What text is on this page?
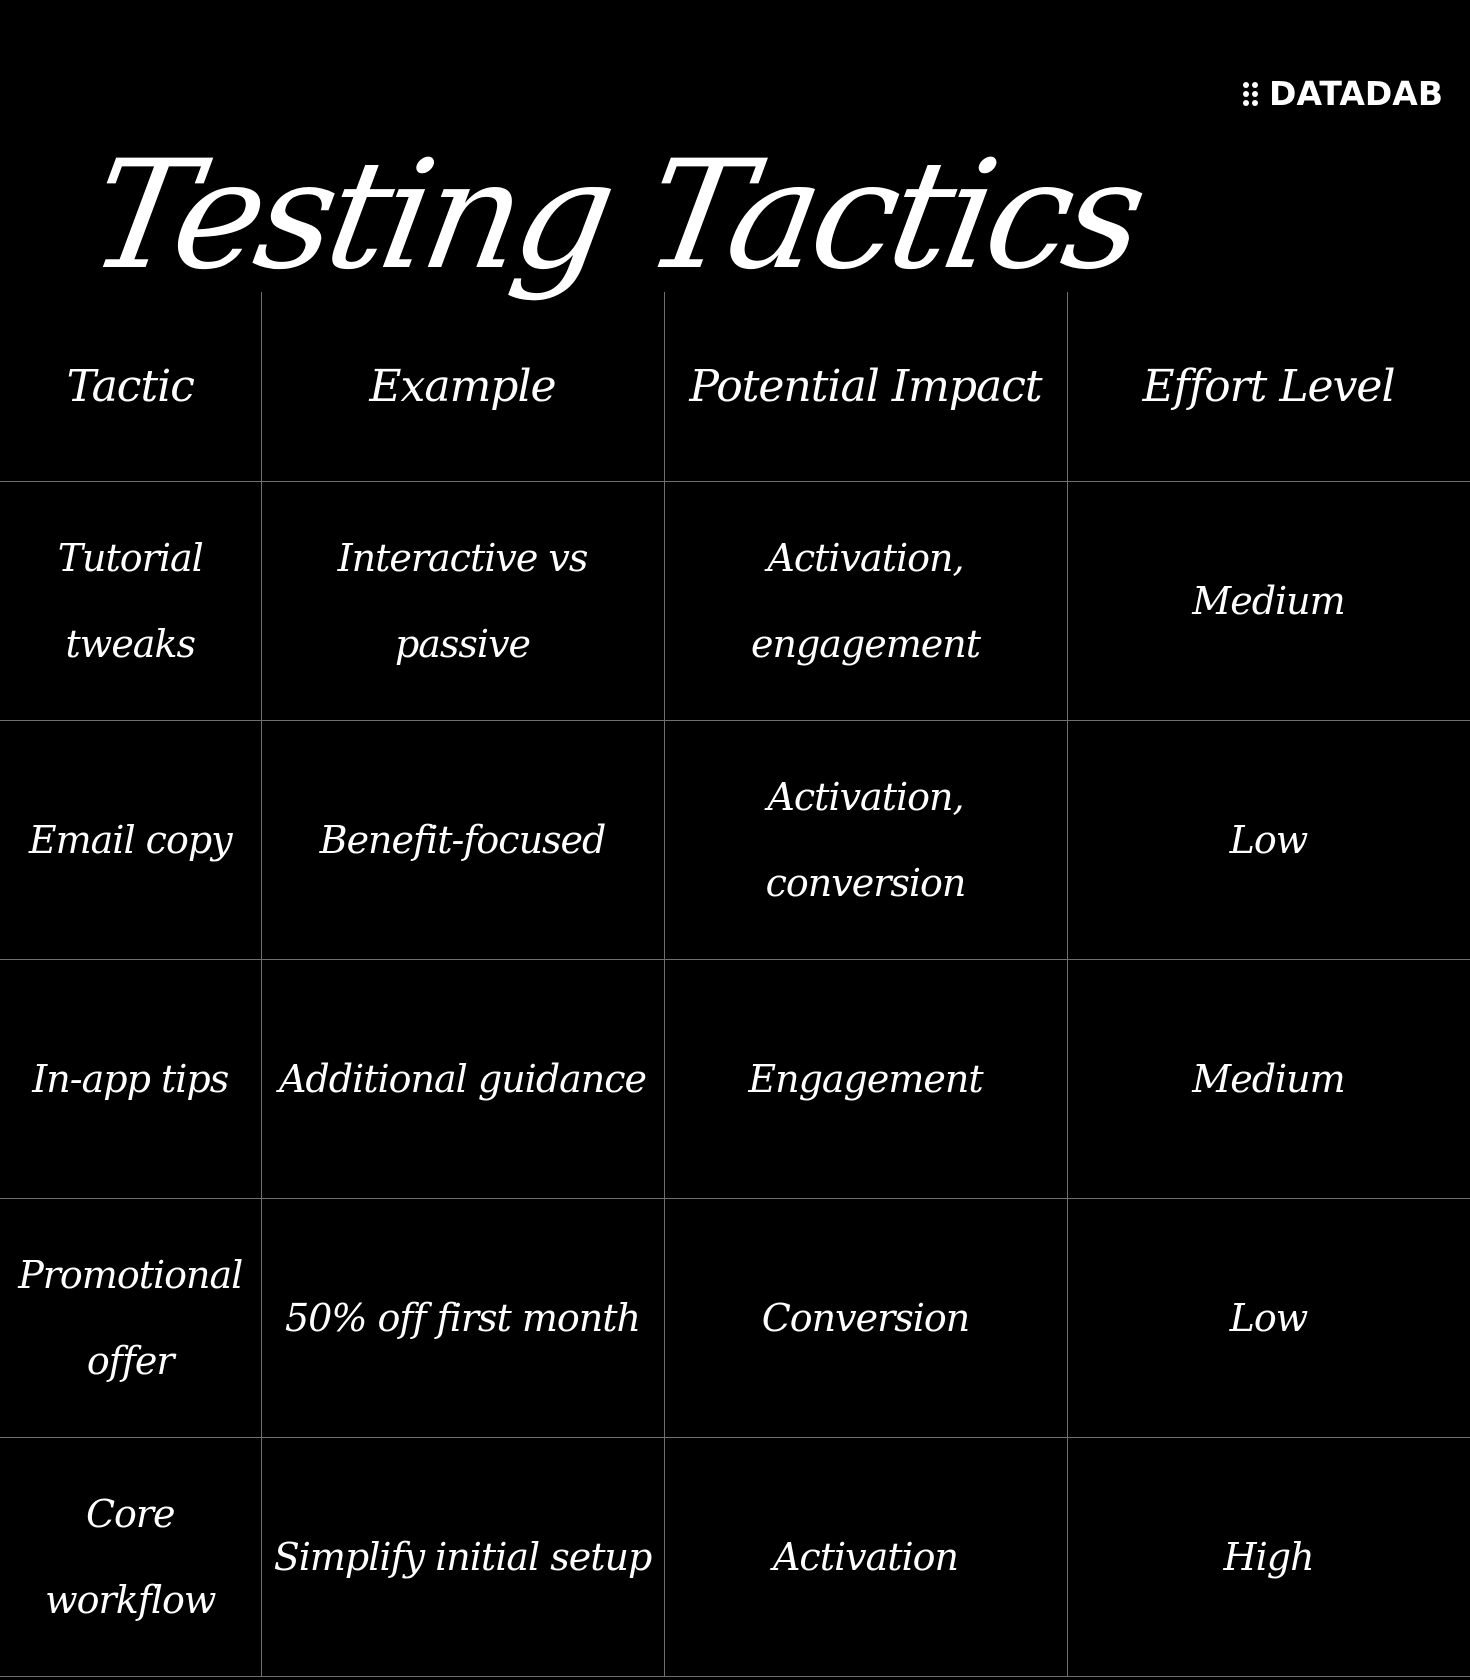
Testing Tactics
DATADAB
Tactic	Example	Potential Impact	Effort Level
Tutorial tweaks	Interactive vs passive	Activation, engagement	Medium
Email copy	Benefit-focused	Activation, conversion	Low
In-app tips	Additional guidance	Engagement	Medium
Promotional offer	50% off first month	Conversion	Low
Core workflow	Simplify initial setup	Activation	High
